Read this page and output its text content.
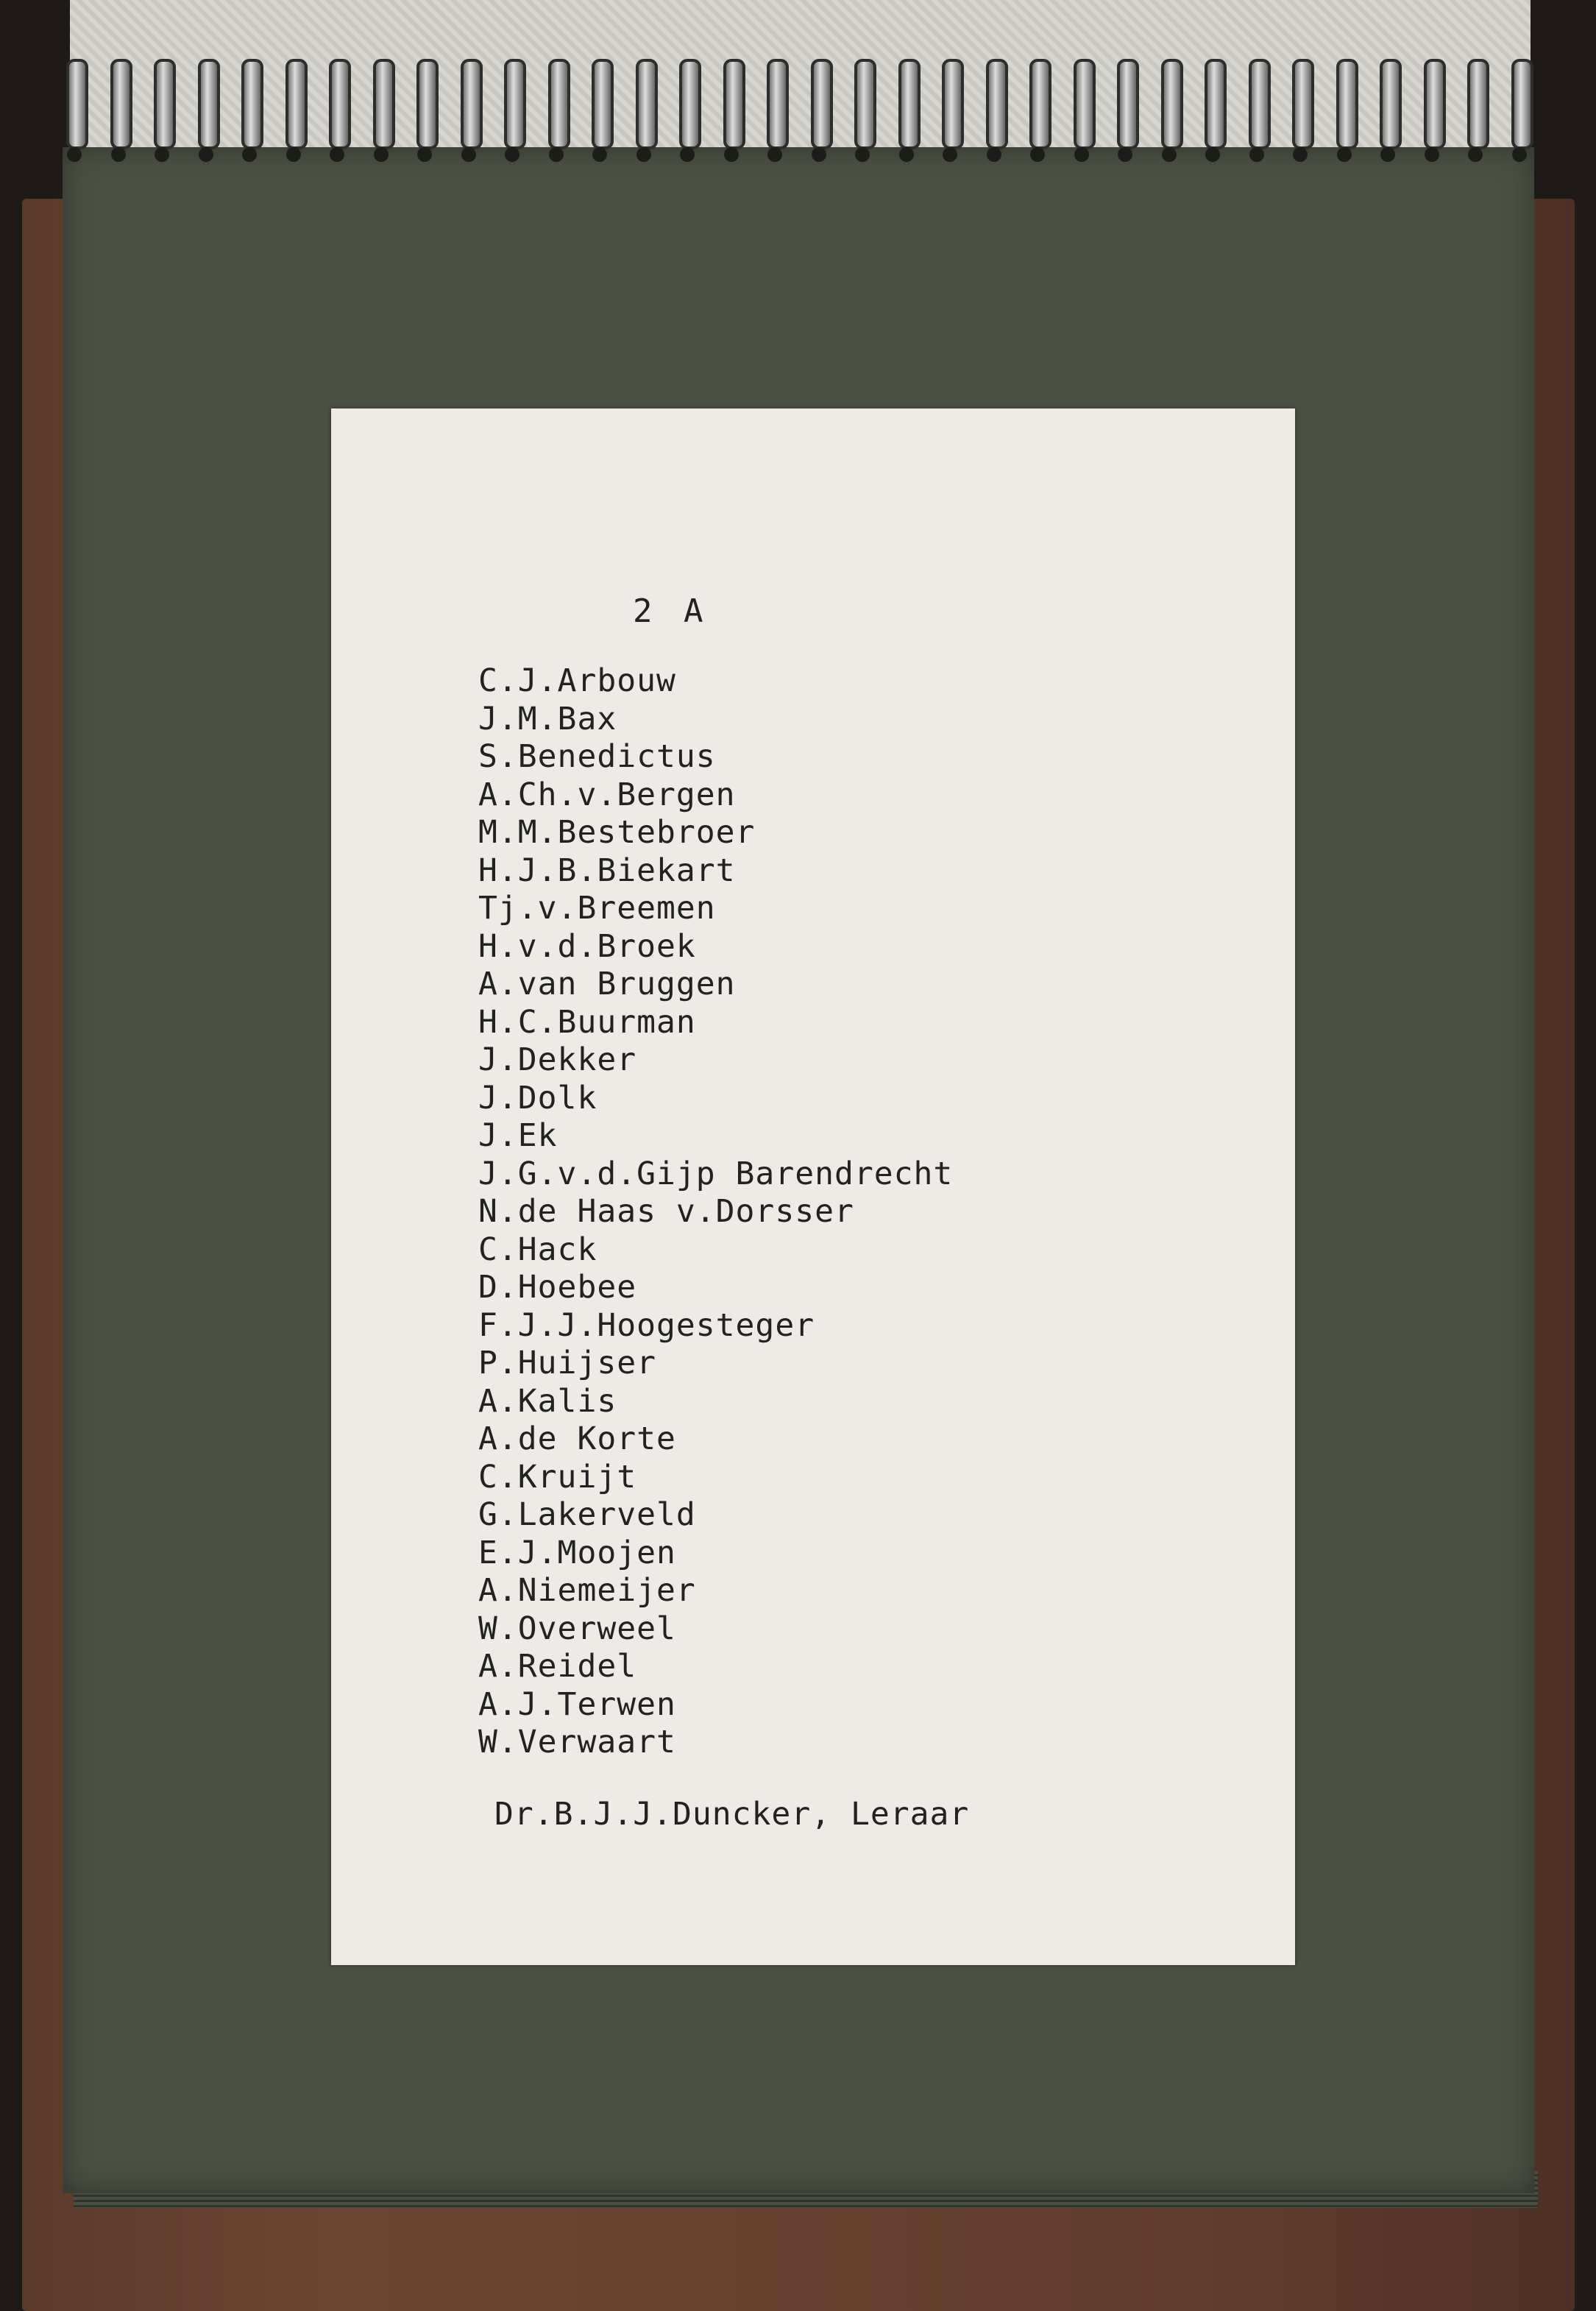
2 A
C.J.Arbouw
J.M.Bax
S.Benedictus
A.Ch.v.Bergen
M.M.Bestebroer
H.J.B.Biekart
Tj.v.Breemen
H.v.d.Broek
A.van Bruggen
H.C.Buurman
J.Dekker
J.Dolk
J.Ek
J.G.v.d.Gijp Barendrecht
N.de Haas v.Dorsser
C.Hack
D.Hoebee
F.J.J.Hoogesteger
P.Huijser
A.Kalis
A.de Korte
C.Kruijt
G.Lakerveld
E.J.Moojen
A.Niemeijer
W.Overweel
A.Reidel
A.J.Terwen
W.Verwaart
Dr.B.J.J.Duncker, Leraar
